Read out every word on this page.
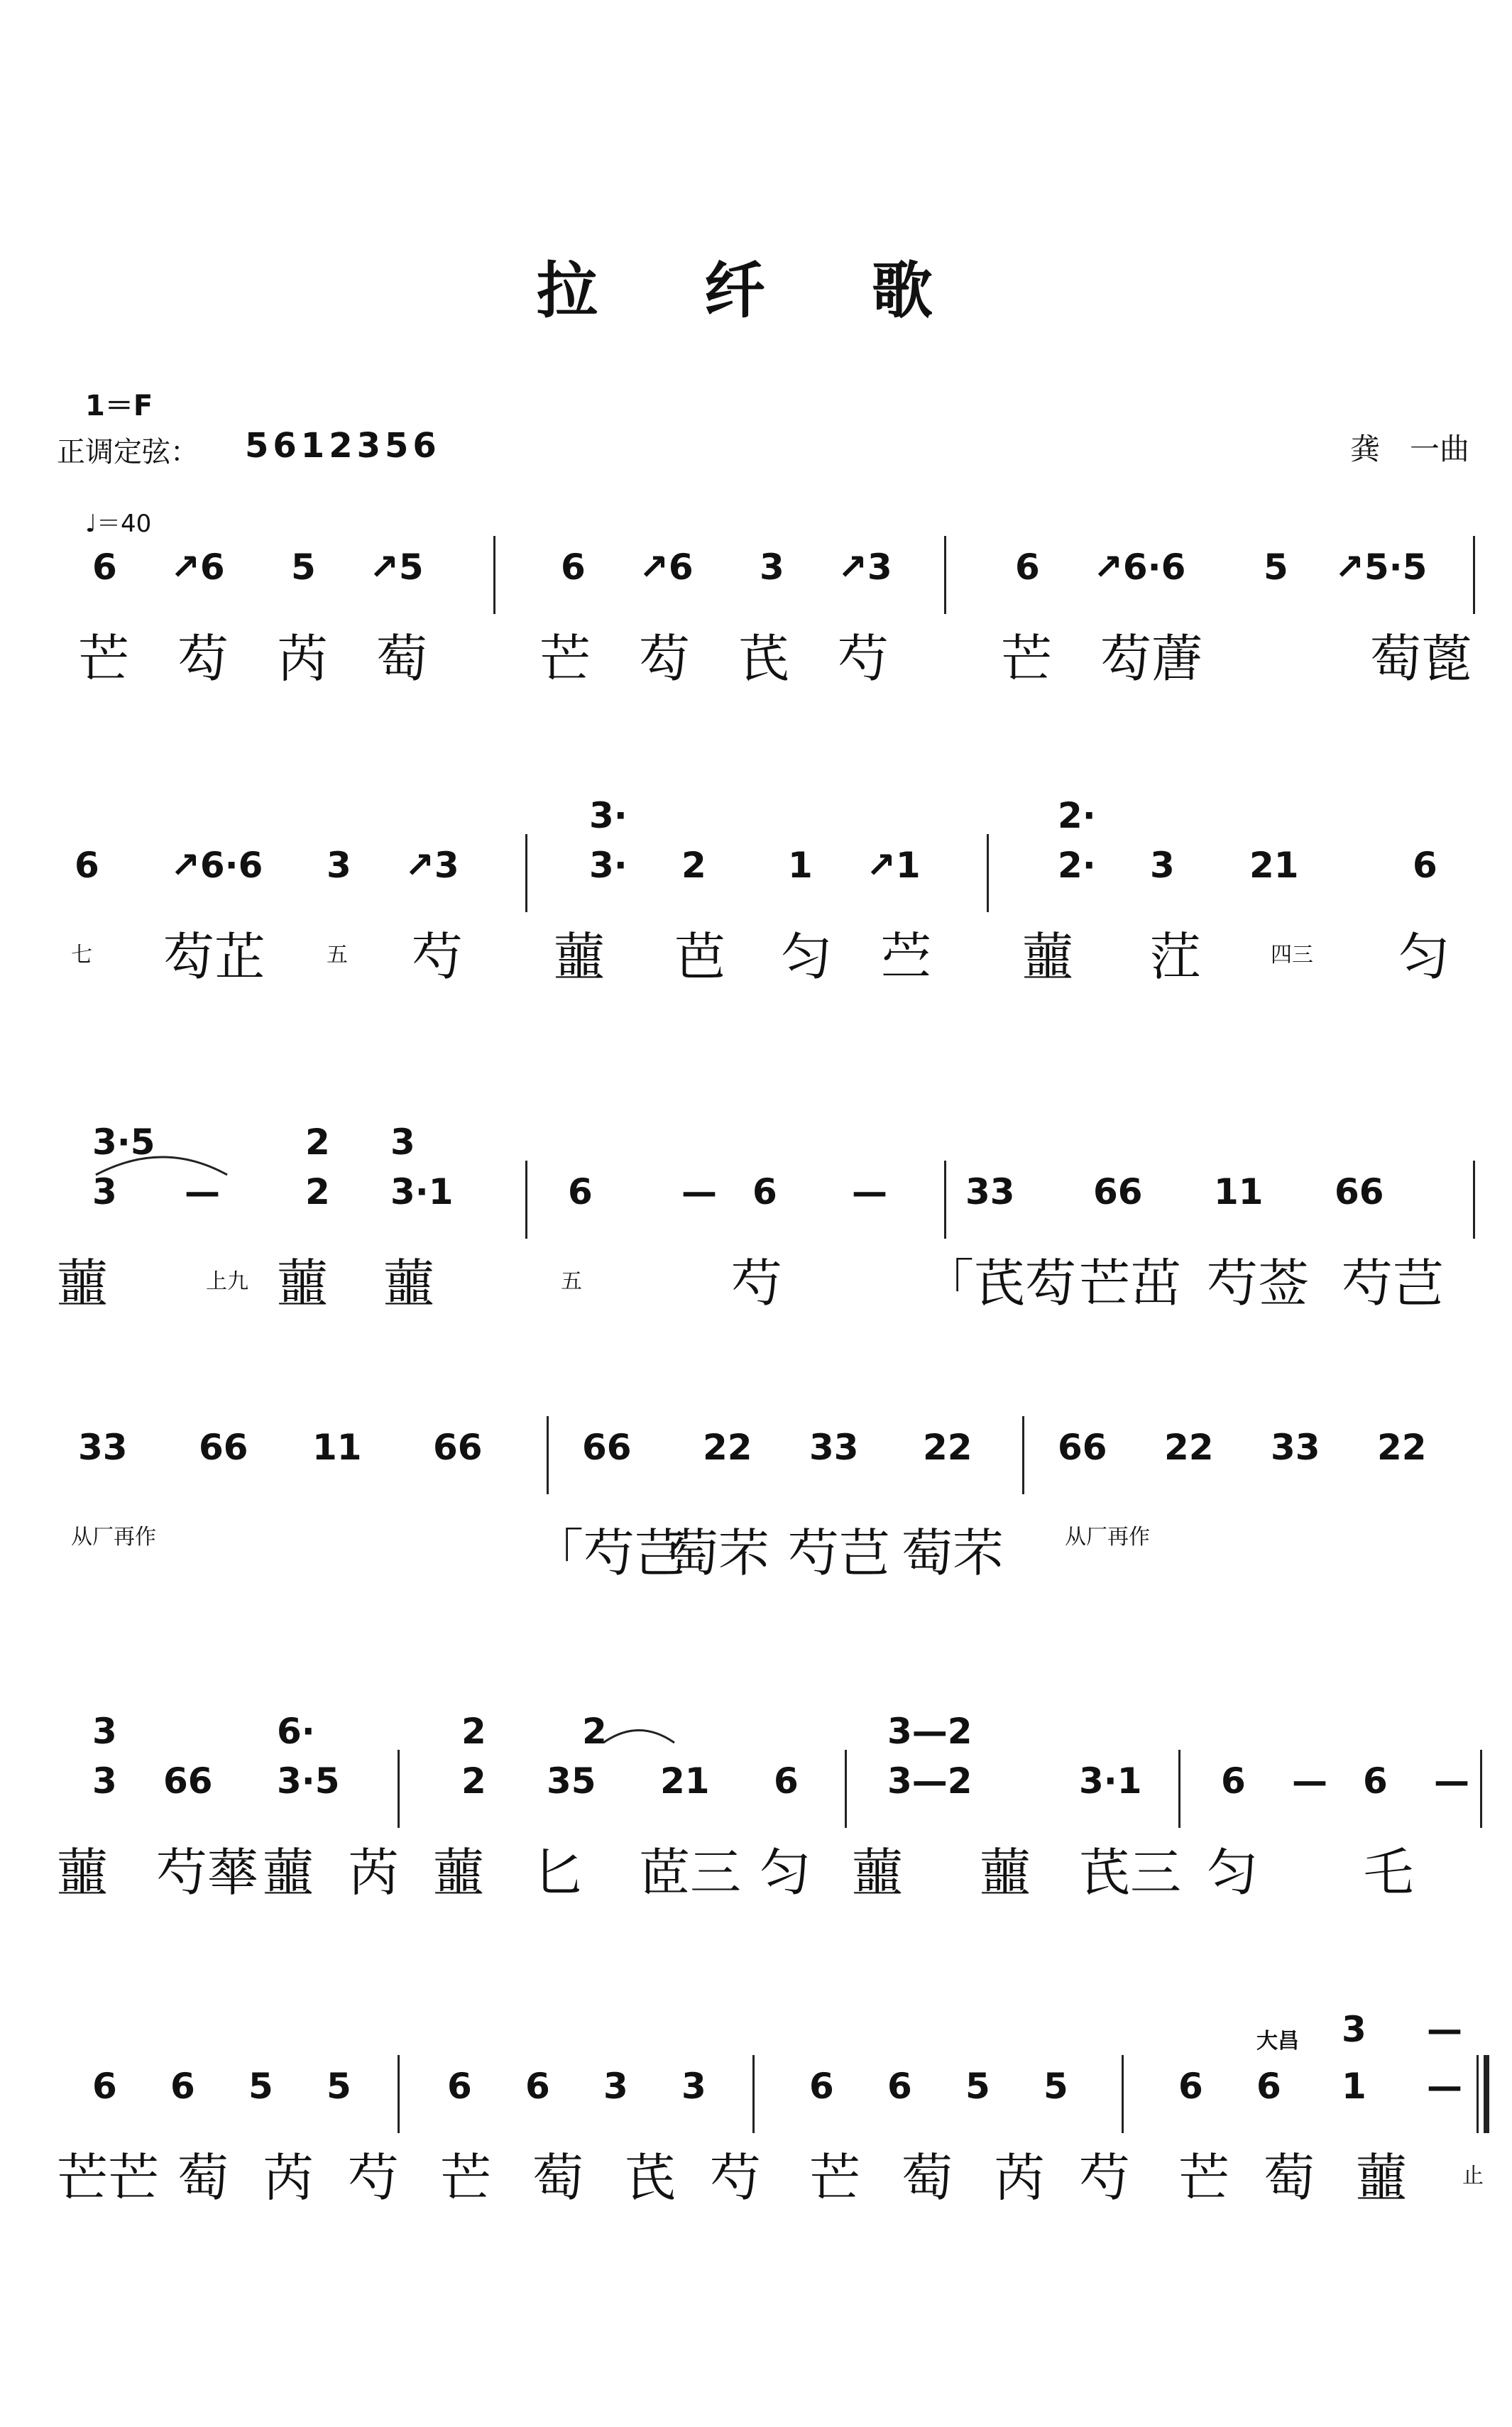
拉 纤 歌
1＝F
正调定弦： 5612356
♩＝40
龚　一曲
6 ↗6 5 ↗5	6 ↗6 3 ↗3	6 ↗6·6 5 ↗5·5
芒 芶 芮 萄 芒 芶 芪 芍 芒 芶蓎	萄蓖
3·	2·
6 ↗6·6 3 ↗3	3· 2 1 ↗1	2· 3 21	6
七 芶芷	五 芍 蘁 芭 匀 苎 蘁 茳	四三 匀
3·5	2 3
3 — 2 3·1	6	— 6 — 33 66 11 66
蘁	上九 蘁 蘁	五	芍	「芪芶 芒茁 芍莶 芍芑
33 66 11 66	66 22 33 22 66 22 33 22
从厂再作	「芍芑
萄芣 芍芑 萄芣	从厂再作
3	6·	2	2	3—2
3 66 3·5	2 35 21 6	3—2	3·1 6 — 6 —
蘁 芍蕐 蘁 芮 蘁 匕 茝三 匀 蘁 蘁 芪三 匀 乇
大昌 3 —
6 6 5 5	6 6 3 3	6 6 5 5	6 6 1 —
芒芒 萄 芮 芍 芒 萄 芪 芍 芒 萄 芮 芍 芒 萄 蘁	止
